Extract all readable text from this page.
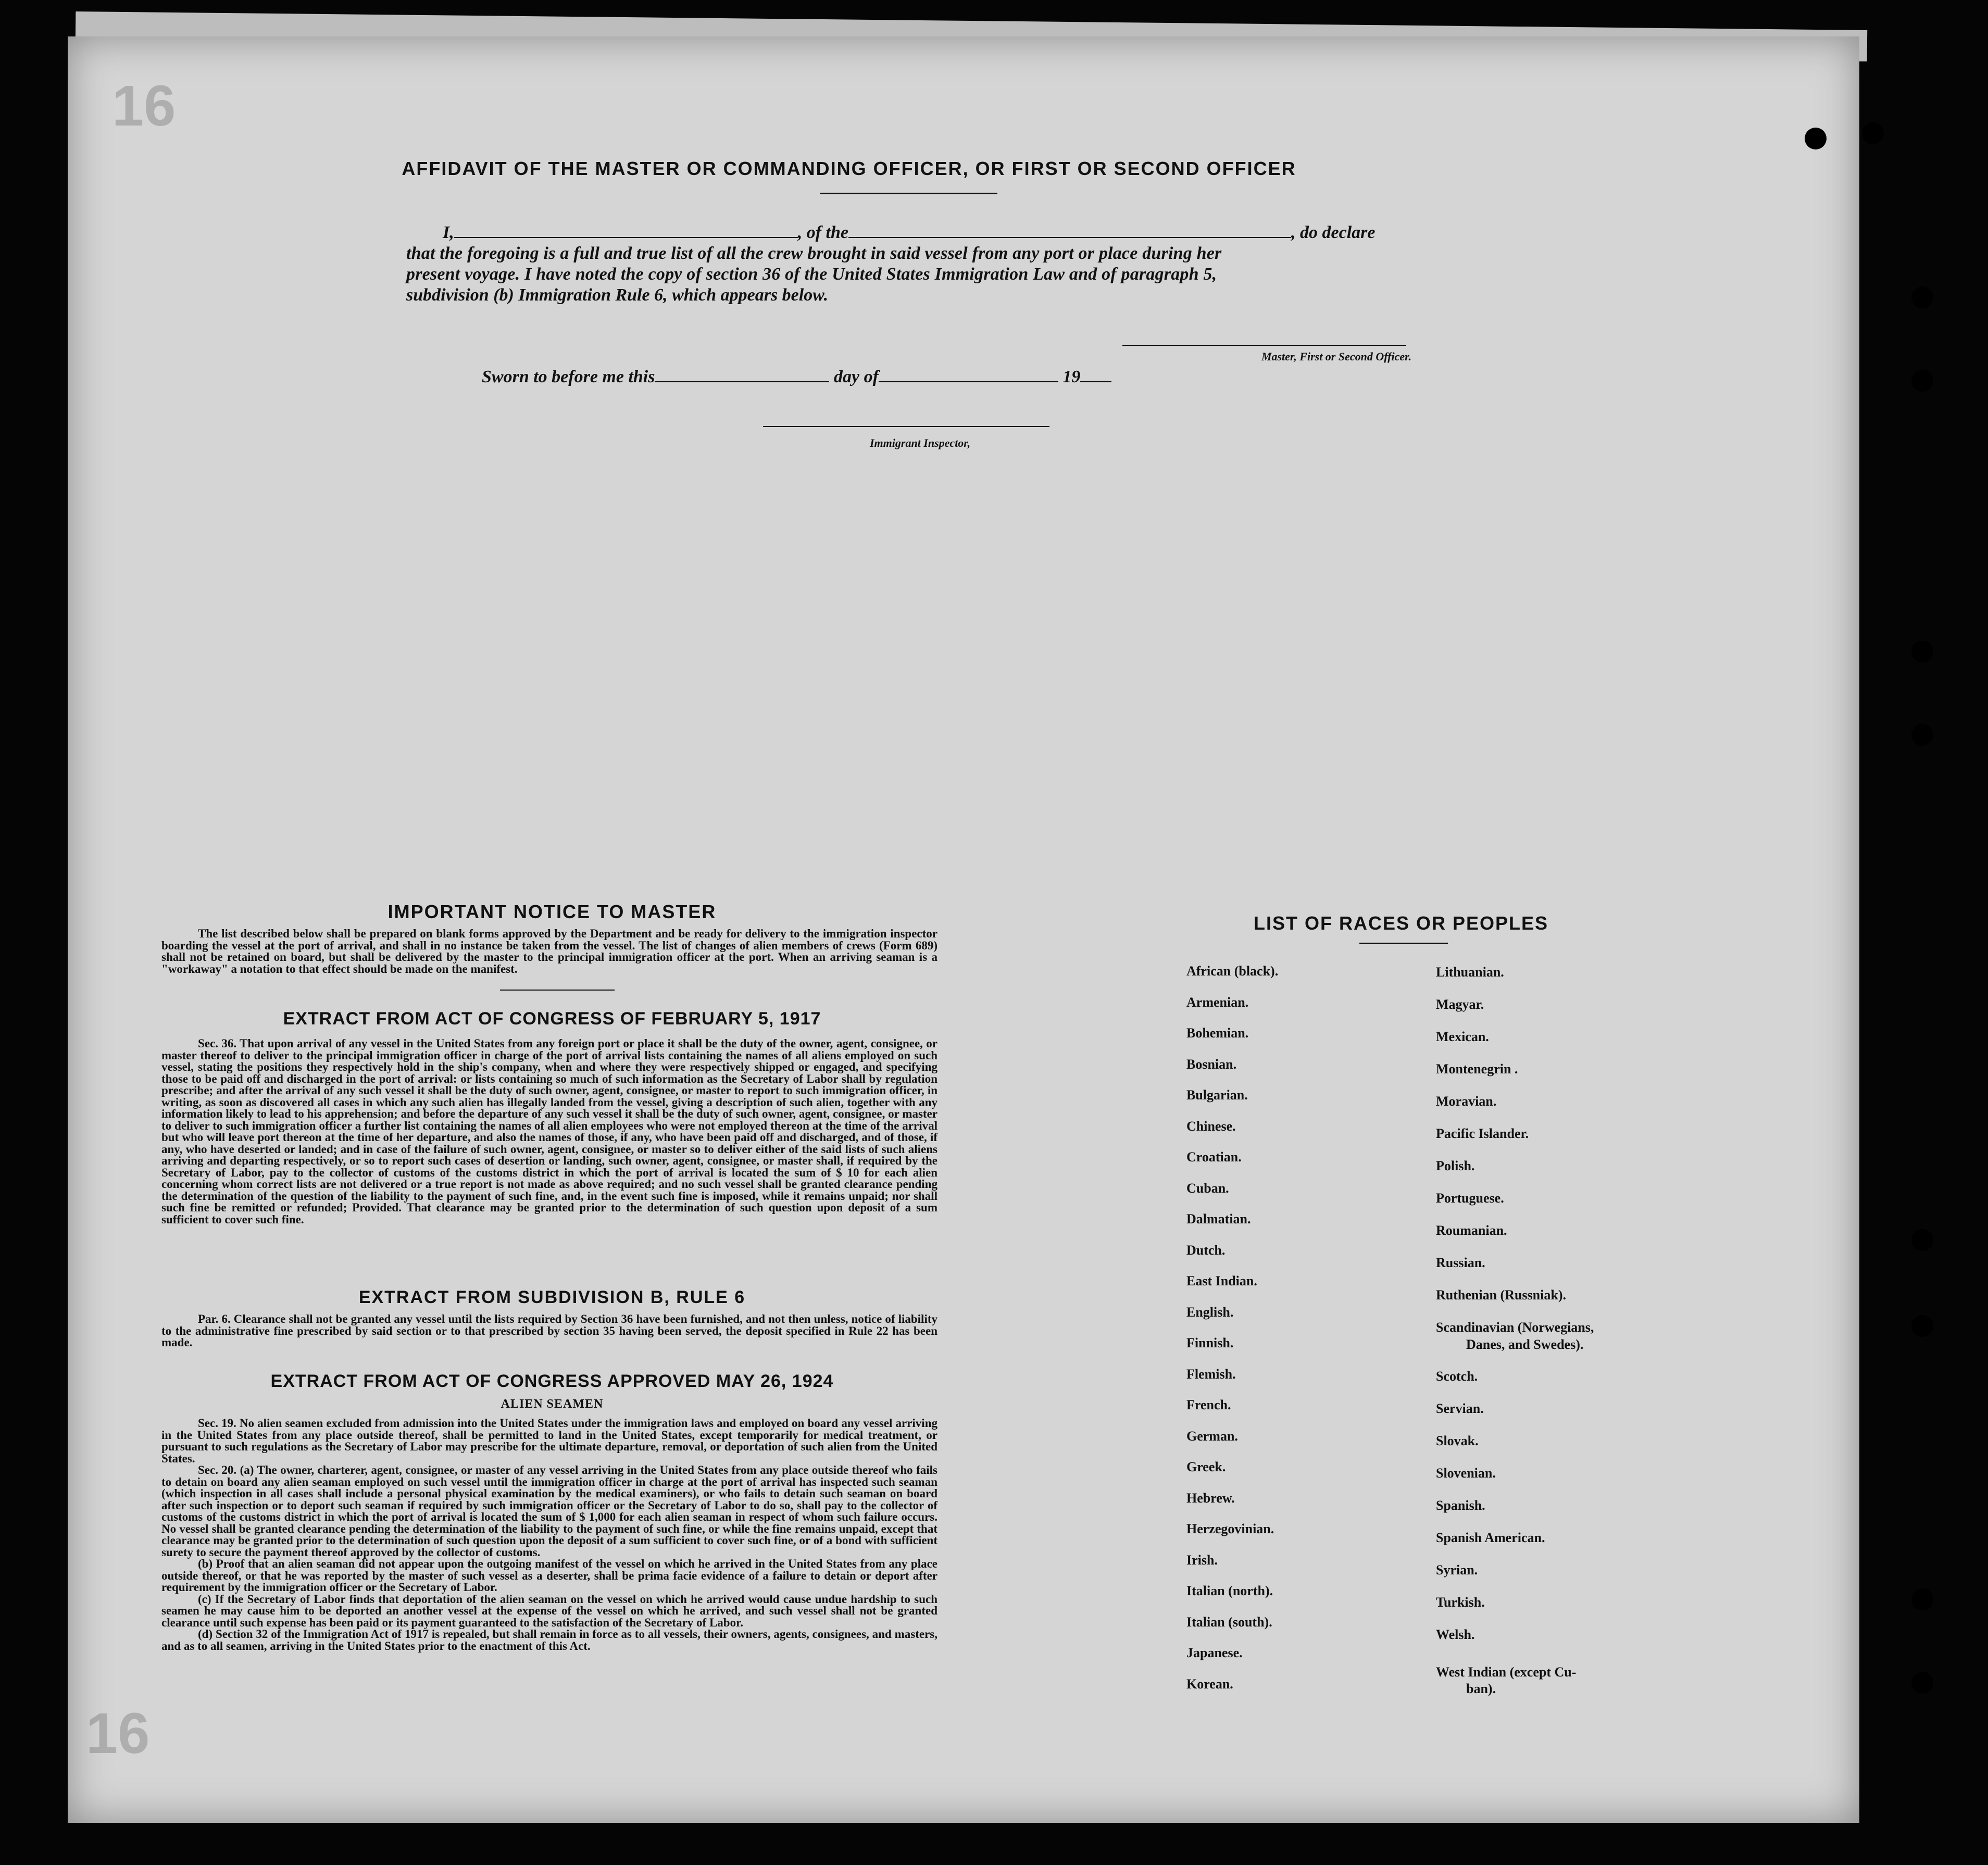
16
16
AFFIDAVIT OF THE MASTER OR COMMANDING OFFICER, OR FIRST OR SECOND OFFICER
I,	, of the	, do declare
that the foregoing is a full and true list of all the crew brought in said vessel from any port or place during her
present voyage. I have noted the copy of section 36 of the United States Immigration Law and of paragraph 5,
subdivision (b) Immigration Rule 6, which appears below.
Master, First or Second Officer.
Sworn to before me this	day of	19
Immigrant Inspector,
IMPORTANT NOTICE TO MASTER

The list described below shall be prepared on blank forms approved by the Department and be ready for delivery to the immigration inspector boarding the vessel at the port of arrival, and shall in no instance be taken from the vessel. The list of changes of alien members of crews (Form 689) shall not be retained on board, but shall be delivered by the master to the principal immigration officer at the port. When an arriving seaman is a "workaway" a notation to that effect should be made on the manifest.

EXTRACT FROM ACT OF CONGRESS OF FEBRUARY 5, 1917

Sec. 36. That upon arrival of any vessel in the United States from any foreign port or place it shall be the duty of the owner, agent, consignee, or master thereof to deliver to the principal immigration officer in charge of the port of arrival lists containing the names of all aliens employed on such vessel, stating the positions they respectively hold in the ship's company, when and where they were respectively shipped or engaged, and specifying those to be paid off and discharged in the port of arrival: or lists containing so much of such information as the Secretary of Labor shall by regulation prescribe; and after the arrival of any such vessel it shall be the duty of such owner, agent, consignee, or master to report to such immigration officer, in writing, as soon as discovered all cases in which any such alien has illegally landed from the vessel, giving a description of such alien, together with any information likely to lead to his apprehension; and before the departure of any such vessel it shall be the duty of such owner, agent, consignee, or master to deliver to such immigration officer a further list containing the names of all alien employees who were not employed thereon at the time of the arrival but who will leave port thereon at the time of her departure, and also the names of those, if any, who have been paid off and discharged, and of those, if any, who have deserted or landed; and in case of the failure of such owner, agent, consignee, or master so to deliver either of the said lists of such aliens arriving and departing respectively, or so to report such cases of desertion or landing, such owner, agent, consignee, or master shall, if required by the Secretary of Labor, pay to the collector of customs of the customs district in which the port of arrival is located the sum of $ 10 for each alien concerning whom correct lists are not delivered or a true report is not made as above required; and no such vessel shall be granted clearance pending the determination of the question of the liability to the payment of such fine, and, in the event such fine is imposed, while it remains unpaid; nor shall such fine be remitted or refunded; Provided. That clearance may be granted prior to the determination of such question upon deposit of a sum sufficient to cover such fine.

EXTRACT FROM SUBDIVISION B, RULE 6

Par. 6. Clearance shall not be granted any vessel until the lists required by Section 36 have been furnished, and not then unless, notice of liability to the administrative fine prescribed by said section or to that prescribed by section 35 having been served, the deposit specified in Rule 22 has been made.

EXTRACT FROM ACT OF CONGRESS APPROVED MAY 26, 1924
ALIEN SEAMEN

Sec. 19. No alien seamen excluded from admission into the United States under the immigration laws and employed on board any vessel arriving in the United States from any place outside thereof, shall be permitted to land in the United States, except temporarily for medical treatment, or pursuant to such regulations as the Secretary of Labor may prescribe for the ultimate departure, removal, or deportation of such alien from the United States.

Sec. 20. (a) The owner, charterer, agent, consignee, or master of any vessel arriving in the United States from any place outside thereof who fails to detain on board any alien seaman employed on such vessel until the immigration officer in charge at the port of arrival has inspected such seaman (which inspection in all cases shall include a personal physical examination by the medical examiners), or who fails to detain such seaman on board after such inspection or to deport such seaman if required by such immigration officer or the Secretary of Labor to do so, shall pay to the collector of customs of the customs district in which the port of arrival is located the sum of $ 1,000 for each alien seaman in respect of whom such failure occurs. No vessel shall be granted clearance pending the determination of the liability to the payment of such fine, or while the fine remains unpaid, except that clearance may be granted prior to the determination of such question upon the deposit of a sum sufficient to cover such fine, or of a bond with sufficient surety to secure the payment thereof approved by the collector of customs.

(b) Proof that an alien seaman did not appear upon the outgoing manifest of the vessel on which he arrived in the United States from any place outside thereof, or that he was reported by the master of such vessel as a deserter, shall be prima facie evidence of a failure to detain or deport after requirement by the immigration officer or the Secretary of Labor.

(c) If the Secretary of Labor finds that deportation of the alien seaman on the vessel on which he arrived would cause undue hardship to such seamen he may cause him to be deported an another vessel at the expense of the vessel on which he arrived, and such vessel shall not be granted clearance until such expense has been paid or its payment guaranteed to the satisfaction of the Secretary of Labor.

(d) Section 32 of the Immigration Act of 1917 is repealed, but shall remain in force as to all vessels, their owners, agents, consignees, and masters, and as to all seamen, arriving in the United States prior to the enactment of this Act.

LIST OF RACES OR PEOPLES
African (black).
Armenian.
Bohemian.
Bosnian.
Bulgarian.
Chinese.
Croatian.
Cuban.
Dalmatian.
Dutch.
East Indian.
English.
Finnish.
Flemish.
French.
German.
Greek.
Hebrew.
Herzegovinian.
Irish.
Italian (north).
Italian (south).
Japanese.
Korean.
Lithuanian.
Magyar.
Mexican.
Montenegrin .
Moravian.
Pacific Islander.
Polish.
Portuguese.
Roumanian.
Russian.
Ruthenian (Russniak).
Scandinavian (Norwegians,
Danes, and Swedes).
Scotch.
Servian.
Slovak.
Slovenian.
Spanish.
Spanish American.
Syrian.
Turkish.
Welsh.
West Indian (except Cu-
ban).
